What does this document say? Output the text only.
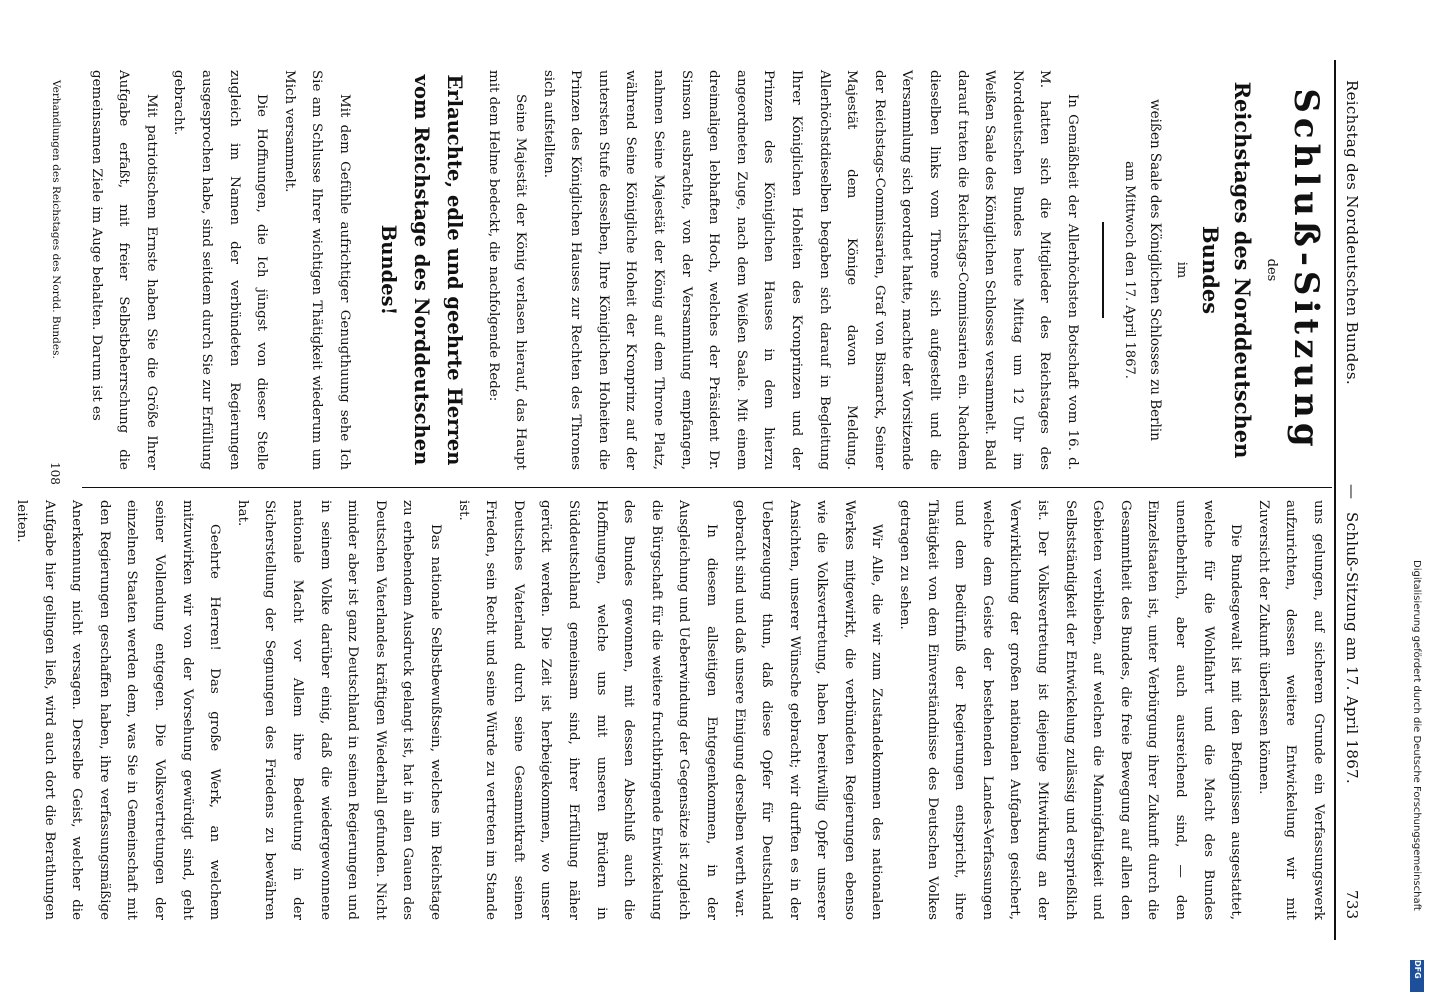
Reichstag des Norddeutschen Bundes.
—
Schluß-Sitzung am 17. April 1867.
733
Schluß-Sitzung
des
Reichstages des Norddeutschen Bundes
im
weißen Saale des Königlichen Schlosses zu Berlin
am Mittwoch den 17. April 1867.

In Gemäßheit der Allerhöchsten Botschaft vom 16. d. M. hatten sich die Mitglieder des Reichstages des Norddeutschen Bundes heute Mittag um 12 Uhr im Weißen Saale des Königlichen Schlosses versammelt. Bald darauf traten die Reichstags-Commissarien ein. Nachdem dieselben links vom Throne sich aufgestellt und die Versammlung sich geordnet hatte, machte der Vorsitzende der Reichstags-Commissarien, Graf von Bismarck, Seiner Majestät dem Könige davon Meldung. Allerhöchstdieselben begaben sich darauf in Begleitung Ihrer Königlichen Hoheiten des Kronprinzen und der Prinzen des Königlichen Hauses in dem hierzu angeordneten Zuge, nach dem Weißen Saale. Mit einem dreimaligen lebhaften Hoch, welches der Präsident Dr. Simson ausbrachte, von der Versammlung empfangen, nahmen Seine Majestät der König auf dem Throne Platz, während Seine Königliche Hoheit der Kronprinz auf der untersten Stufe desselben, Ihre Königlichen Hoheiten die Prinzen des Königlichen Hauses zur Rechten des Thrones sich aufstellten.

Seine Majestät der König verlasen hierauf, das Haupt mit dem Helme bedeckt, die nachfolgende Rede:

Erlauchte, edle und geehrte Herren vom Reichstage des Norddeutschen Bundes!

Mit dem Gefühle aufrichtiger Genugthuung sehe Ich Sie am Schlusse Ihrer wichtigen Thätigkeit wiederum um Mich versammelt.

Die Hoffnungen, die Ich jüngst von dieser Stelle zugleich im Namen der verbündeten Regierungen ausgesprochen habe, sind seitdem durch Sie zur Erfüllung gebracht.

Mit patriotischem Ernste haben Sie die Größe Ihrer Aufgabe erfaßt, mit freier Selbstbeherrschung die gemeinsamen Ziele im Auge behalten. Darum ist es

uns gelungen, auf sicherem Grunde ein Verfassungswerk aufzurichten, dessen weitere Entwickelung wir mit Zuversicht der Zukunft überlassen können.

Die Bundesgewalt ist mit den Befugnissen ausgestattet, welche für die Wohlfahrt und die Macht des Bundes unentbehrlich, aber auch ausreichend sind, — den Einzelstaaten ist, unter Verbürgung ihrer Zukunft durch die Gesammtheit des Bundes, die freie Bewegung auf allen den Gebieten verblieben, auf welchen die Mannigfaltigkeit und Selbstständigkeit der Entwickelung zulässig und ersprießlich ist. Der Volksvertretung ist diejenige Mitwirkung an der Verwirklichung der großen nationalen Aufgaben gesichert, welche dem Geiste der bestehenden Landes-Verfassungen und dem Bedürfniß der Regierungen entspricht, ihre Thätigkeit von dem Einverständnisse des Deutschen Volkes getragen zu sehen.

Wir Alle, die wir zum Zustandekommen des nationalen Werkes mitgewirkt, die verbündeten Regierungen ebenso wie die Volksvertretung, haben bereitwillig Opfer unserer Ansichten, unserer Wünsche gebracht; wir durften es in der Ueberzeugung thun, daß diese Opfer für Deutschland gebracht sind und daß unsere Einigung derselben werth war.

In diesem allseitigen Entgegenkommen, in der Ausgleichung und Ueberwindung der Gegensätze ist zugleich die Bürgschaft für die weitere fruchtbringende Entwickelung des Bundes gewonnen, mit dessen Abschluß auch die Hoffnungen, welche uns mit unseren Brüdern in Süddeutschland gemeinsam sind, ihrer Erfüllung näher gerückt werden. Die Zeit ist herbeigekommen, wo unser Deutsches Vaterland durch seine Gesammtkraft seinen Frieden, sein Recht und seine Würde zu vertreten im Stande ist.

Das nationale Selbstbewußtsein, welches im Reichstage zu erhebendem Ausdruck gelangt ist, hat in allen Gauen des Deutschen Vaterlandes kräftigen Wiederhall gefunden. Nicht minder aber ist ganz Deutschland in seinen Regierungen und in seinem Volke darüber einig, daß die wiedergewonnene nationale Macht vor Allem ihre Bedeutung in der Sicherstellung der Segnungen des Friedens zu bewähren hat.

Geehrte Herren! Das große Werk, an welchem mitzuwirken wir von der Vorsehung gewürdigt sind, geht seiner Vollendung entgegen. Die Volksvertretungen der einzelnen Staaten werden dem, was Sie in Gemeinschaft mit den Regierungen geschaffen haben, ihre verfassungsmäßige Anerkennung nicht versagen. Derselbe Geist, welcher die Aufgabe hier gelingen ließ, wird auch dort die Berathungen leiten.

Verhandlungen des Reichstages des Nordd. Bundes.
108
Digitalisierung gefördert durch die Deutsche Forschungsgemeinschaft
DFG
